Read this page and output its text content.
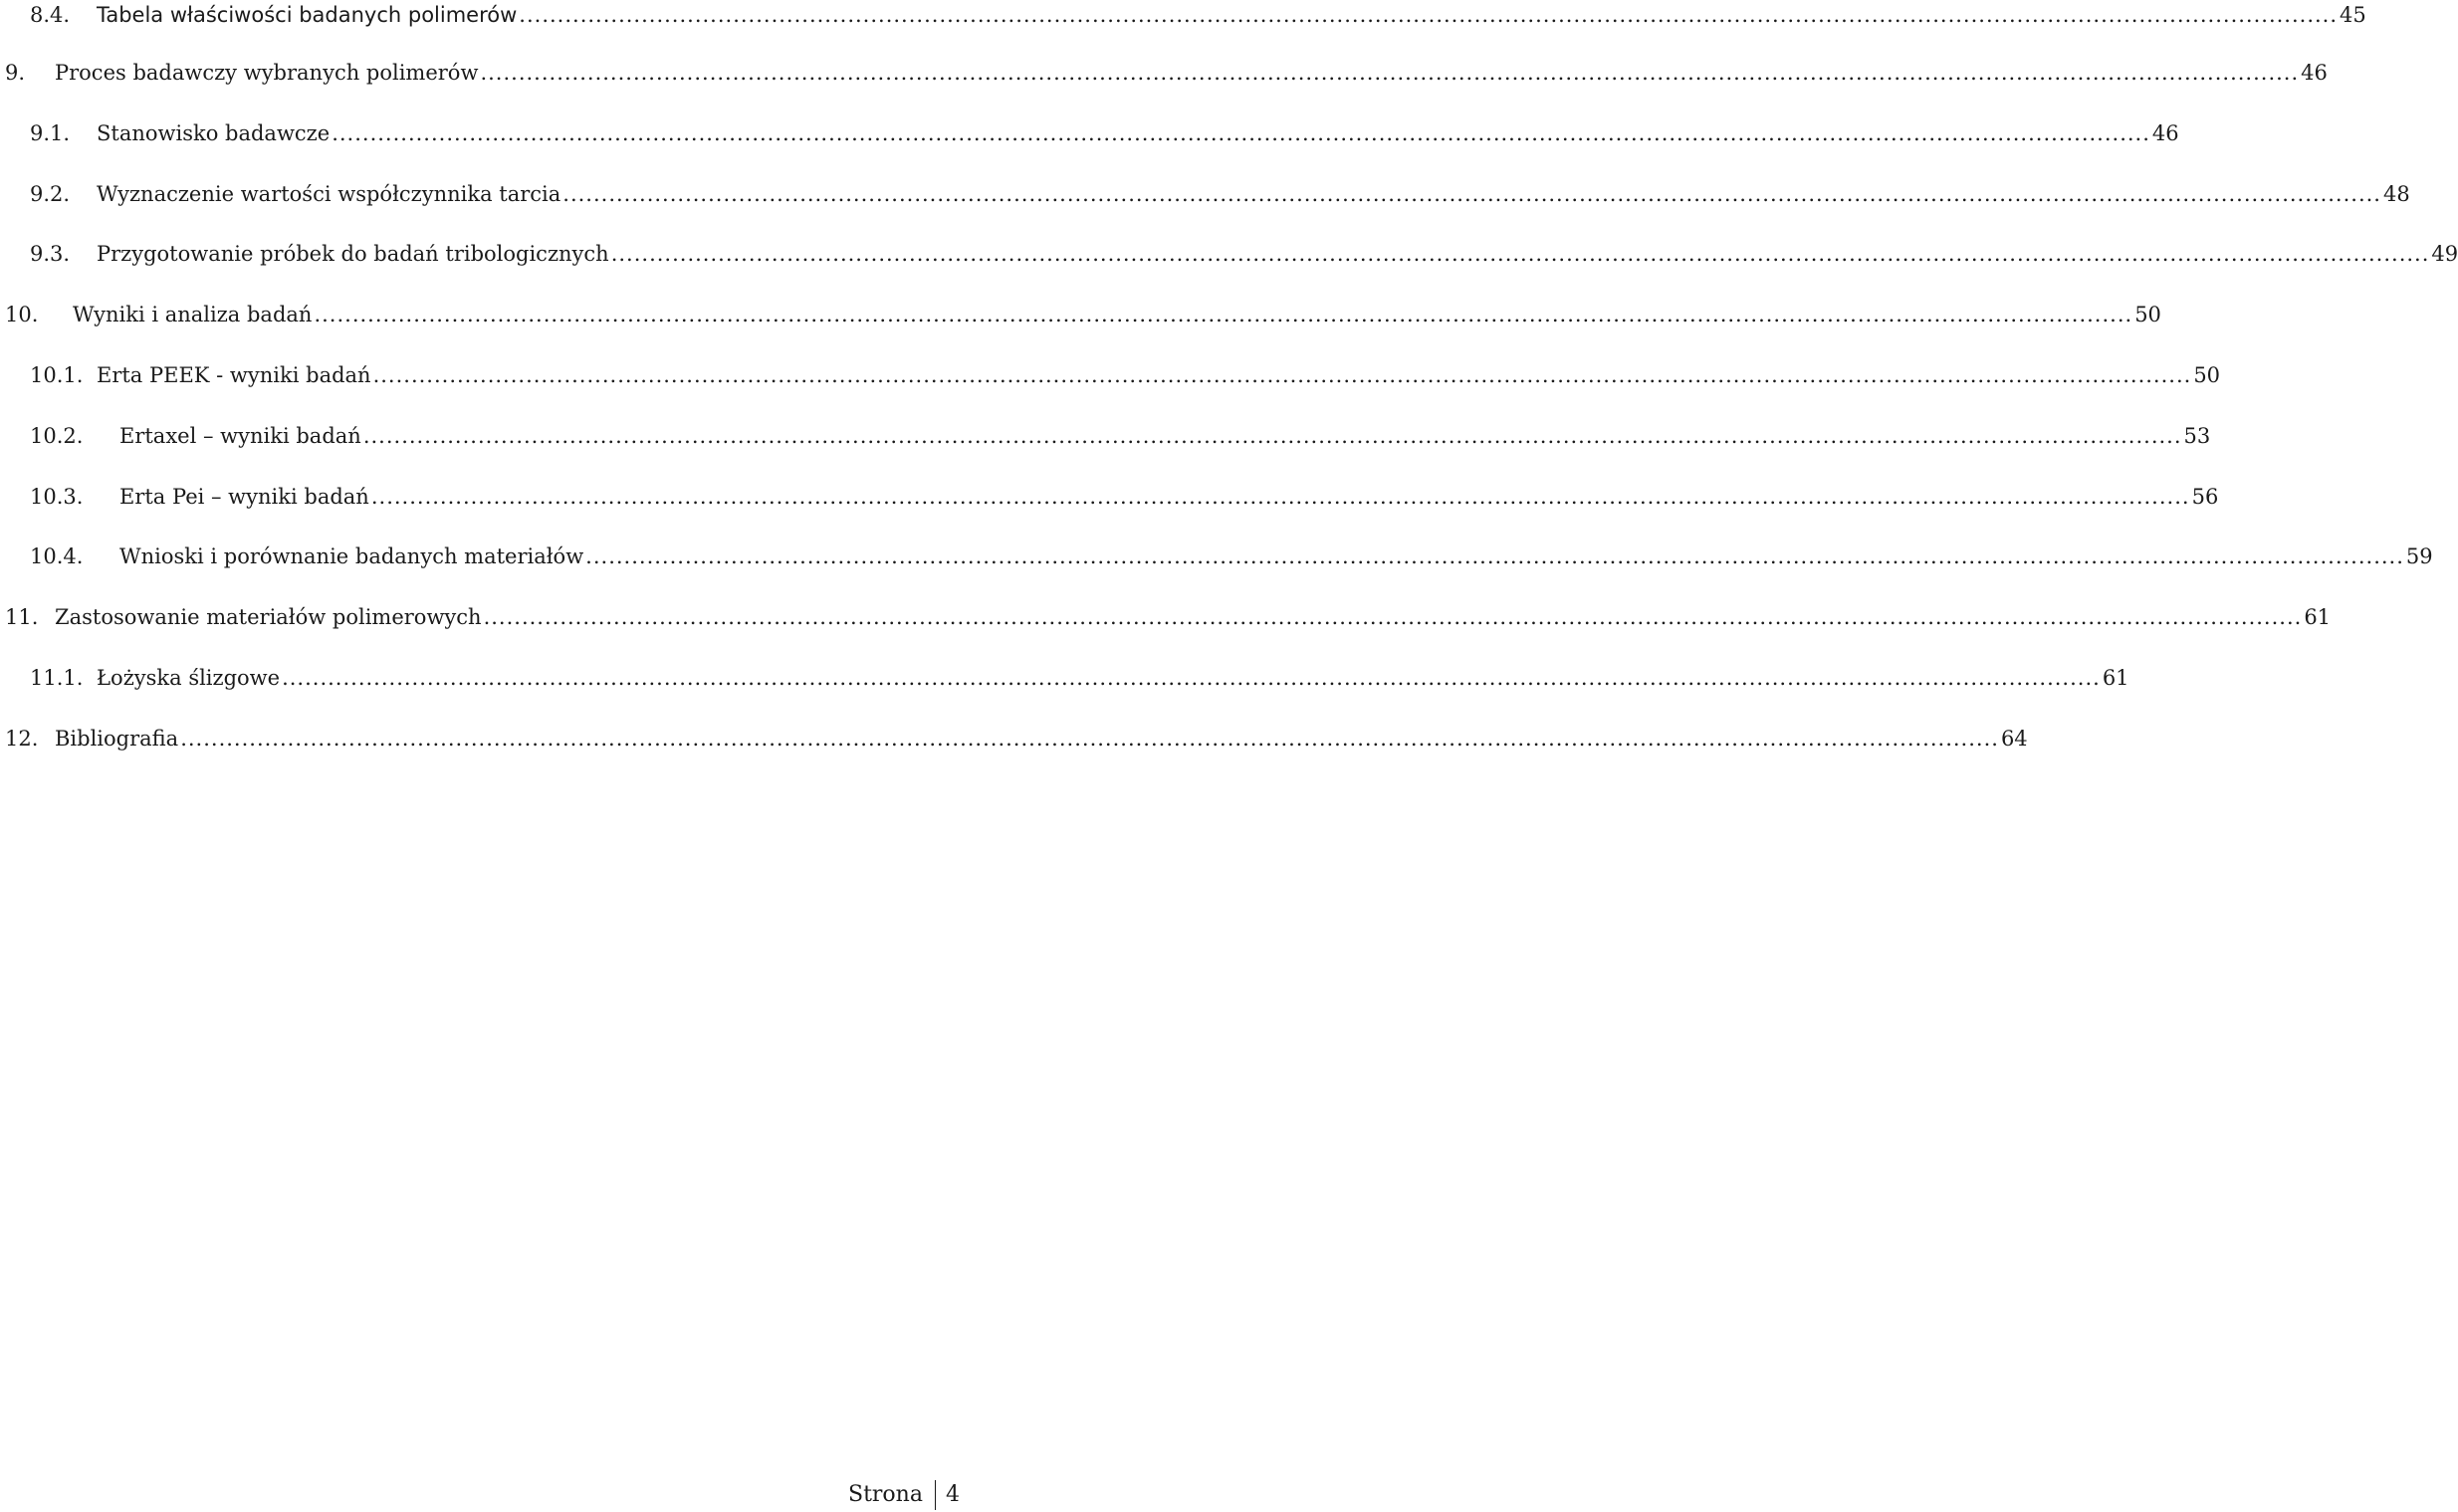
8.4. Tabela właściwości badanych polimerów .....	45
9. Proces badawczy wybranych polimerów .....	46
9.1. Stanowisko badawcze .....	46
9.2. Wyznaczenie wartości współczynnika tarcia .....	48
9.3. Przygotowanie próbek do badań tribologicznych .....	49
10. Wyniki i analiza badań .....	50
10.1. Erta PEEK - wyniki badań .....	50
10.2. Ertaxel – wyniki badań .....	53
10.3. Erta Pei – wyniki badań .....	56
10.4. Wnioski i porównanie badanych materiałów .....	59
11. Zastosowanie materiałów polimerowych .....	61
11.1. Łożyska ślizgowe .....	61
12. Bibliografia .....	64
Strona 4
